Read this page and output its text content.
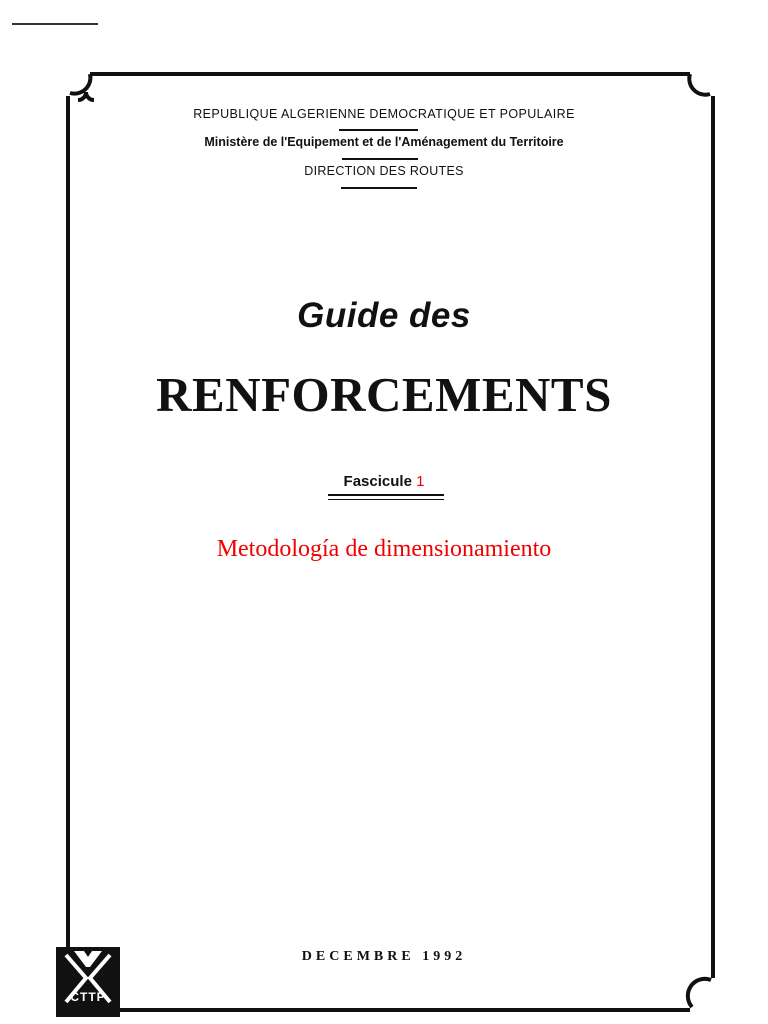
REPUBLIQUE ALGERIENNE DEMOCRATIQUE ET POPULAIRE
Ministère de l'Equipement et de l'Aménagement du Territoire
DIRECTION DES ROUTES
Guide des
RENFORCEMENTS
Fascicule 1
Metodología de dimensionamiento
DECEMBRE 1992
CTTP
